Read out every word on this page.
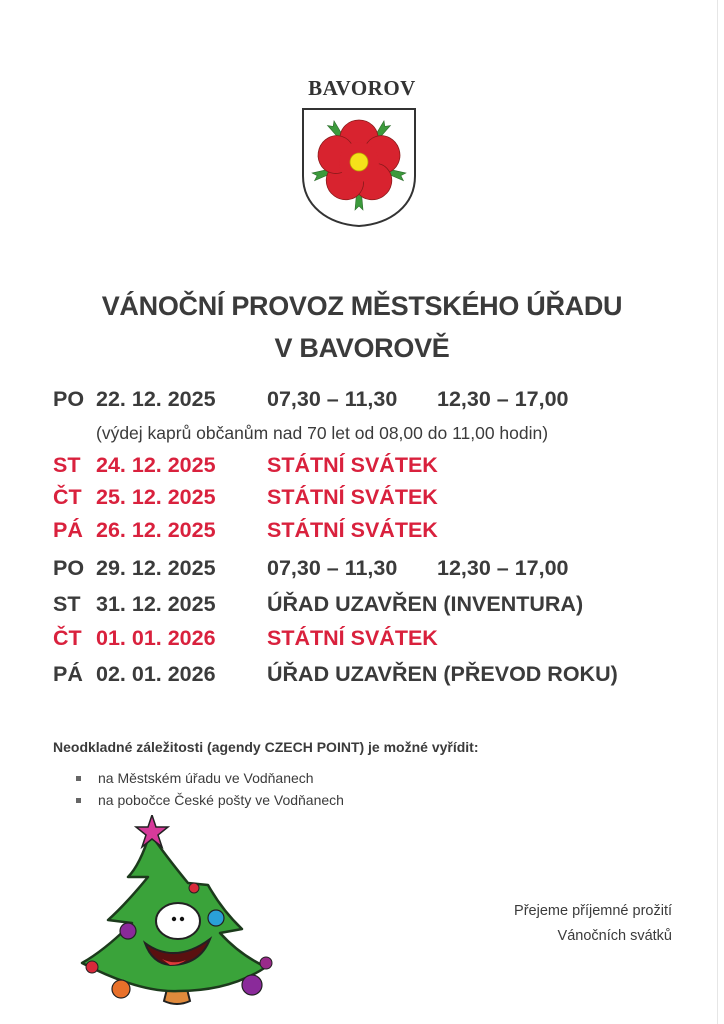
BAVOROV
VÁNOČNÍ PROVOZ MĚSTSKÉHO ÚŘADU
V BAVOROVĚ
PO 22. 12. 2025 07,30 – 11,30 12,30 – 17,00
(výdej kaprů občanům nad 70 let od 08,00 do 11,00 hodin)
ST 24. 12. 2025 STÁTNÍ SVÁTEK
ČT 25. 12. 2025 STÁTNÍ SVÁTEK
PÁ 26. 12. 2025 STÁTNÍ SVÁTEK
PO 29. 12. 2025 07,30 – 11,30 12,30 – 17,00
ST 31. 12. 2025 ÚŘAD UZAVŘEN (INVENTURA)
ČT 01. 01. 2026 STÁTNÍ SVÁTEK
PÁ 02. 01. 2026 ÚŘAD UZAVŘEN (PŘEVOD ROKU)
Neodkladné záležitosti (agendy CZECH POINT) je možné vyřídit:
na Městském úřadu ve Vodňanech
na pobočce České pošty ve Vodňanech
Přejeme příjemné prožití
Vánočních svátků
